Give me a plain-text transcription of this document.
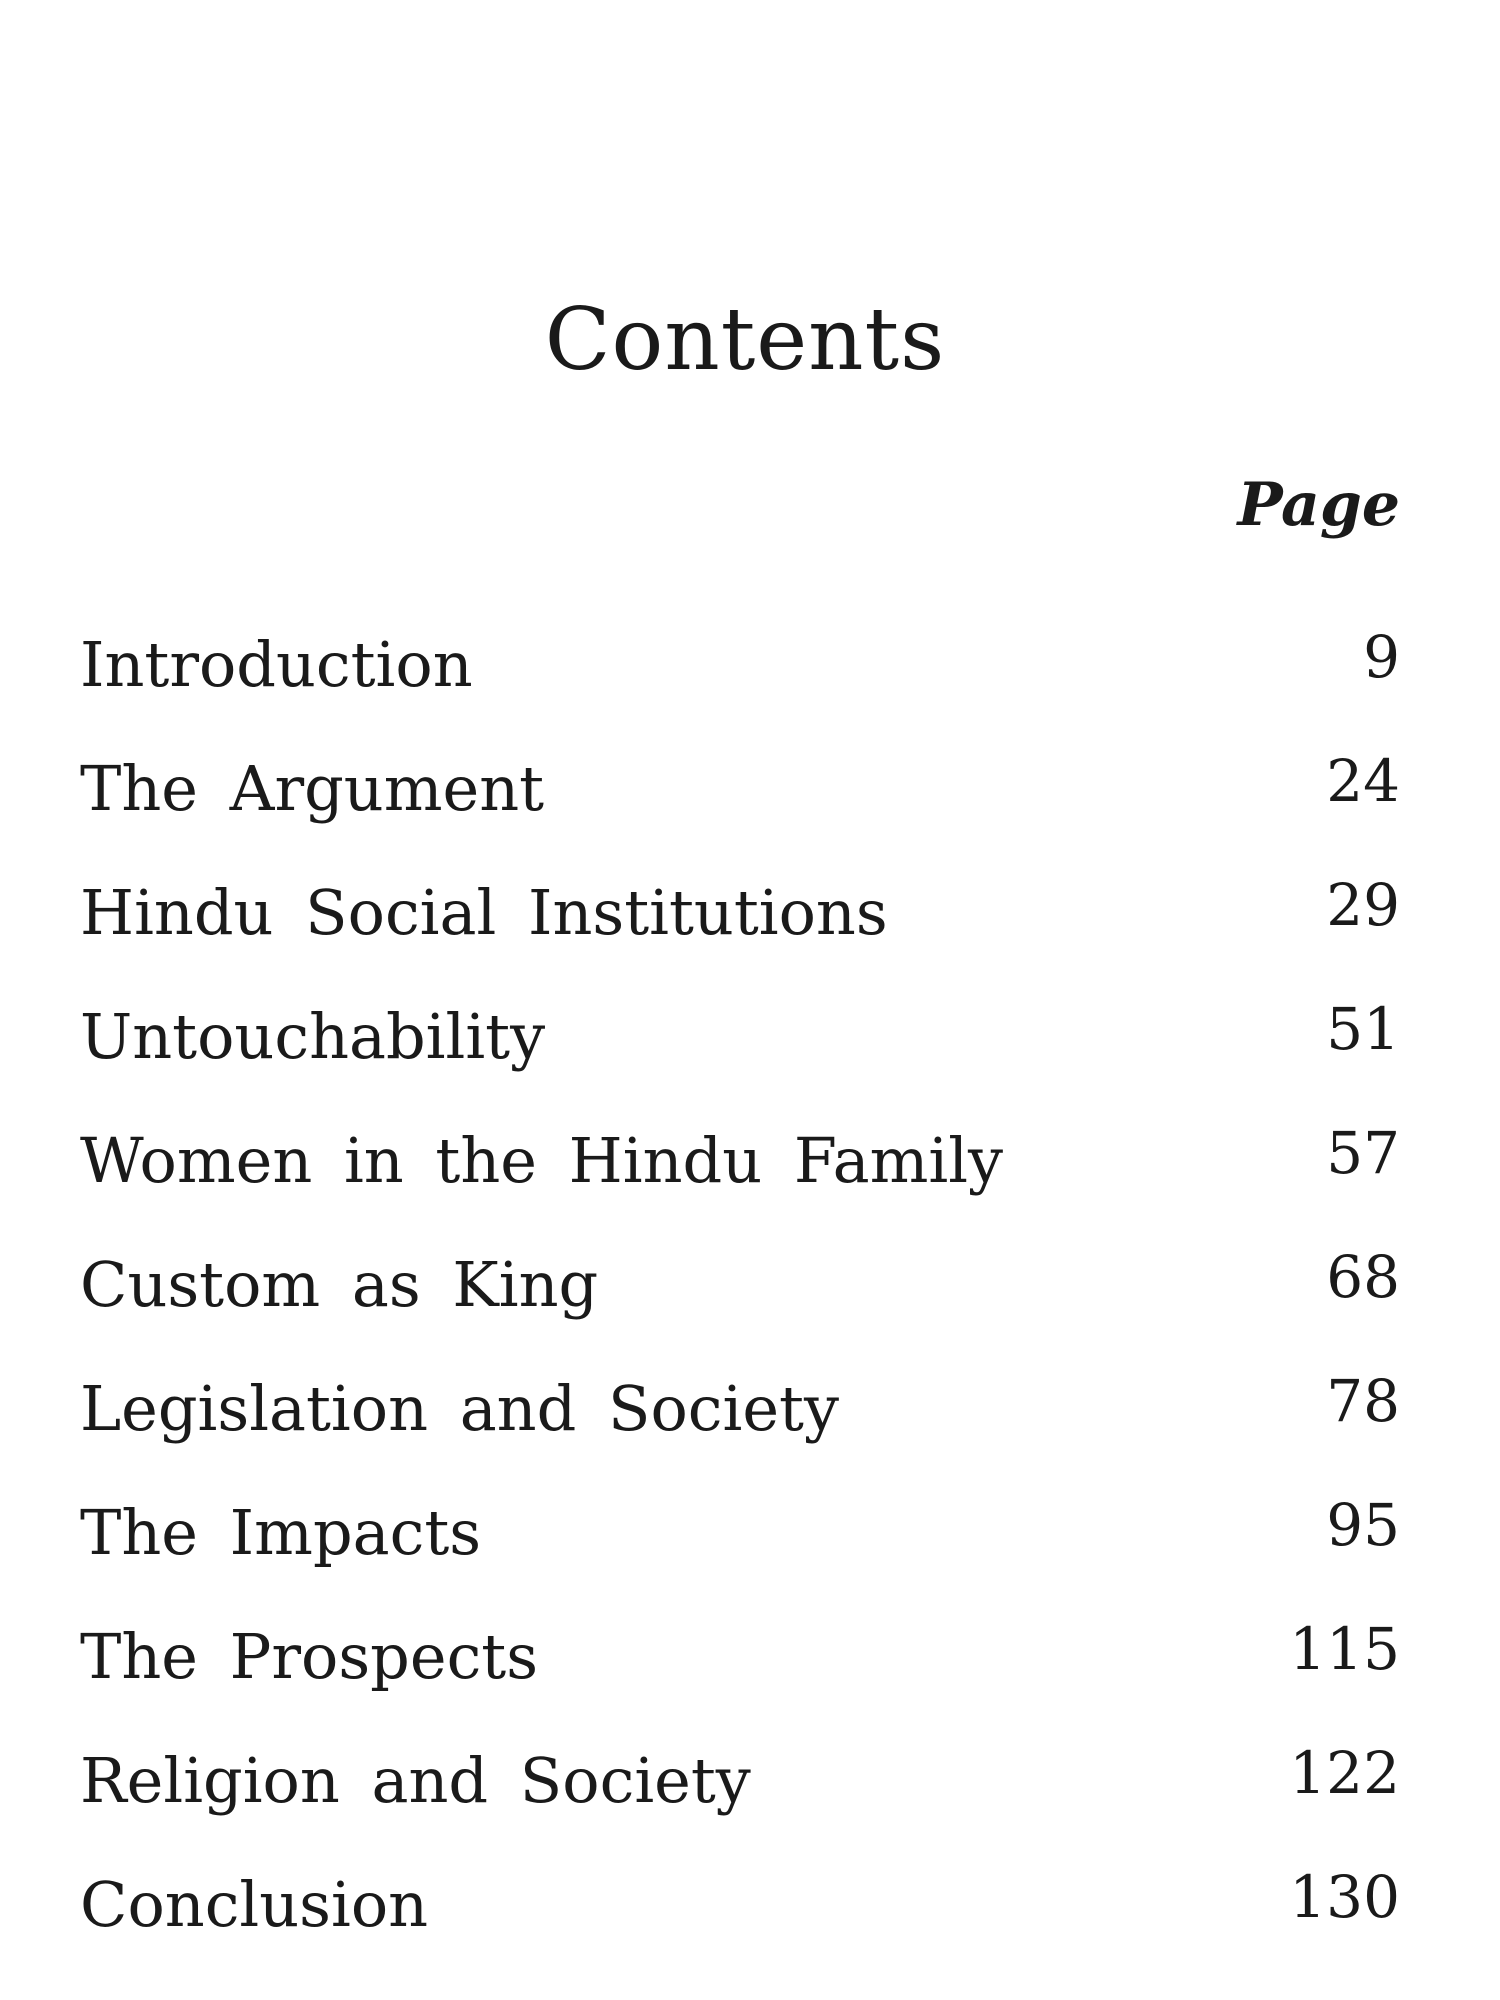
Contents
Page
Introduction	9
The Argument	24
Hindu Social Institutions	29
Untouchability	51
Women in the Hindu Family	57
Custom as King	68
Legislation and Society	78
The Impacts	95
The Prospects	115
Religion and Society	122
Conclusion	130
